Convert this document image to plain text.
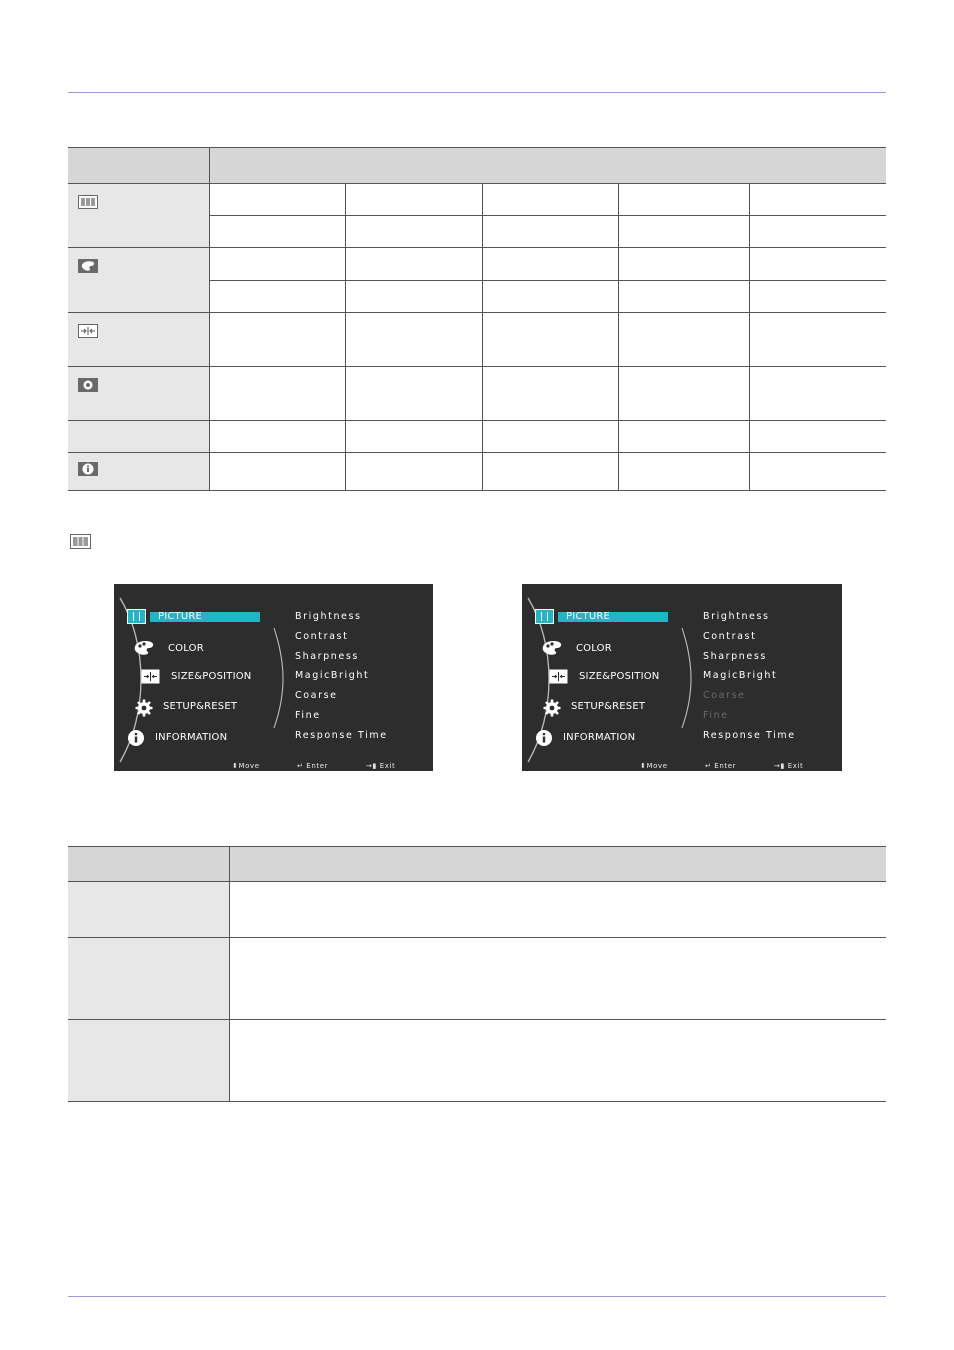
PICTURE
COLOR
SIZE&POSITION
SETUP&RESET
INFORMATION
Brightness
Contrast
Sharpness
MagicBright
Coarse
Fine
Response Time
⬍Move	↵ Enter	→▮ Exit
PICTURE
COLOR
SIZE&POSITION
SETUP&RESET
INFORMATION
Brightness
Contrast
Sharpness
MagicBright
Coarse
Fine
Response Time
⬍Move	↵ Enter	→▮ Exit
